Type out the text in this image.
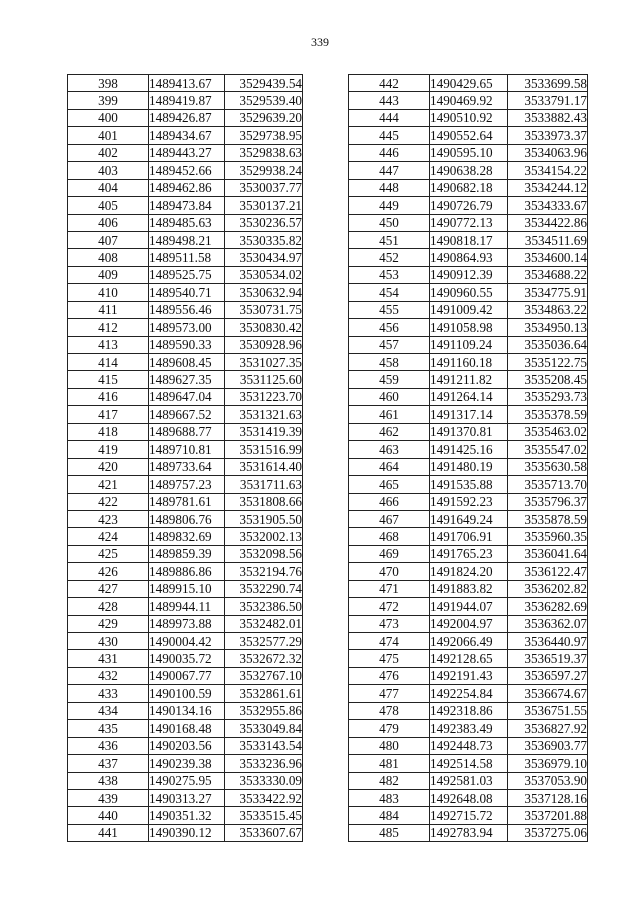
339
398	1489413.67	3529439.54
399	1489419.87	3529539.40
400	1489426.87	3529639.20
401	1489434.67	3529738.95
402	1489443.27	3529838.63
403	1489452.66	3529938.24
404	1489462.86	3530037.77
405	1489473.84	3530137.21
406	1489485.63	3530236.57
407	1489498.21	3530335.82
408	1489511.58	3530434.97
409	1489525.75	3530534.02
410	1489540.71	3530632.94
411	1489556.46	3530731.75
412	1489573.00	3530830.42
413	1489590.33	3530928.96
414	1489608.45	3531027.35
415	1489627.35	3531125.60
416	1489647.04	3531223.70
417	1489667.52	3531321.63
418	1489688.77	3531419.39
419	1489710.81	3531516.99
420	1489733.64	3531614.40
421	1489757.23	3531711.63
422	1489781.61	3531808.66
423	1489806.76	3531905.50
424	1489832.69	3532002.13
425	1489859.39	3532098.56
426	1489886.86	3532194.76
427	1489915.10	3532290.74
428	1489944.11	3532386.50
429	1489973.88	3532482.01
430	1490004.42	3532577.29
431	1490035.72	3532672.32
432	1490067.77	3532767.10
433	1490100.59	3532861.61
434	1490134.16	3532955.86
435	1490168.48	3533049.84
436	1490203.56	3533143.54
437	1490239.38	3533236.96
438	1490275.95	3533330.09
439	1490313.27	3533422.92
440	1490351.32	3533515.45
441	1490390.12	3533607.67
442	1490429.65	3533699.58
443	1490469.92	3533791.17
444	1490510.92	3533882.43
445	1490552.64	3533973.37
446	1490595.10	3534063.96
447	1490638.28	3534154.22
448	1490682.18	3534244.12
449	1490726.79	3534333.67
450	1490772.13	3534422.86
451	1490818.17	3534511.69
452	1490864.93	3534600.14
453	1490912.39	3534688.22
454	1490960.55	3534775.91
455	1491009.42	3534863.22
456	1491058.98	3534950.13
457	1491109.24	3535036.64
458	1491160.18	3535122.75
459	1491211.82	3535208.45
460	1491264.14	3535293.73
461	1491317.14	3535378.59
462	1491370.81	3535463.02
463	1491425.16	3535547.02
464	1491480.19	3535630.58
465	1491535.88	3535713.70
466	1491592.23	3535796.37
467	1491649.24	3535878.59
468	1491706.91	3535960.35
469	1491765.23	3536041.64
470	1491824.20	3536122.47
471	1491883.82	3536202.82
472	1491944.07	3536282.69
473	1492004.97	3536362.07
474	1492066.49	3536440.97
475	1492128.65	3536519.37
476	1492191.43	3536597.27
477	1492254.84	3536674.67
478	1492318.86	3536751.55
479	1492383.49	3536827.92
480	1492448.73	3536903.77
481	1492514.58	3536979.10
482	1492581.03	3537053.90
483	1492648.08	3537128.16
484	1492715.72	3537201.88
485	1492783.94	3537275.06
